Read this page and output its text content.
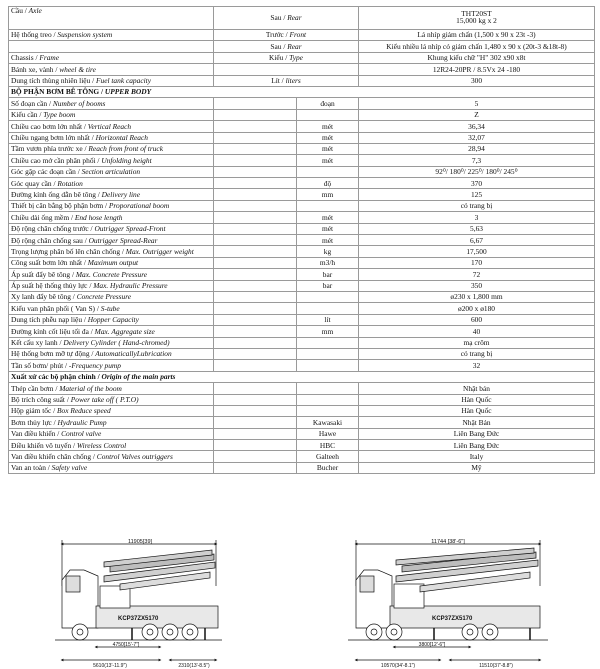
Cầu / Axle	Sau / Rear		THT20ST
			15,000 kg x 2
Hệ thống treo / Suspension system	Trước / Front		Lá nhíp giảm chấn (1,500 x 90 x 23t -3)
	Sau / Rear		Kiểu nhiều lá nhíp có giảm chấn 1,480 x 90 x (20t-3 &18t-8)
Chassis / Frame	Kiểu / Type		Khung kiểu chữ "H" 302 x90 x8t
Bánh xe, vành / wheel & tire			12R24-20PR / 8.5Vx 24 -180
Dung tích thùng nhiên liệu / Fuel tank capacity	Lít / liters		300
BỘ PHẬN BƠM BÊ TÔNG / UPPER BODY			
Số đoạn cần / Number of booms		đoạn	5
Kiểu cần / Type boom			Z
Chiều cao bơm lớn nhất / Vertical Reach		mét	36,34
Chiều ngang bơm lớn nhất / Horizontal Reach		mét	32,07
Tầm vươn phía trước xe / Reach from front of truck		mét	28,94
Chiều cao mở cần phân phối / Unfolding height		mét	7,3
Góc gập các đoạn cần / Section articulation			92⁰/ 180⁰/ 225⁰/ 180⁰/ 245⁰
Góc quay cần / Rotation		độ	370
Đường kính ống dẫn bê tông / Delivery line		mm	125
Thiết bị cân bằng bộ phận bơm / Proporational boom			có trang bị
Chiều dài ống mềm / End hose length		mét	3
Độ rộng chân chống trước / Outrigger Spread-Front		mét	5,63
Độ rộng chân chống sau / Outrigger Spread-Rear		mét	6,67
Trọng lượng phân bố lên chân chống / Max. Outrigger weight		kg	17,500
Công suất bơm lớn nhất / Maximum output		m3/h	170
Áp suất đẩy bê tông / Max. Concrete Pressure		bar	72
Áp suất hệ thống thủy lực / Max. Hydraulic Pressure		bar	350
Xy lanh đẩy bê tông / Concrete Pressure			ø230 x 1,800 mm
Kiểu van phân phối ( Van S) / S-tube			ø200 x ø180
Dung tích phễu nạp liệu / Hopper Capacity		lít	600
Đường kính cốt liệu tối đa / Max. Aggregate size		mm	40
Kết cấu xy lanh / Delivery Cylinder ( Hand-chromed)			mạ crôm
Hệ thống bơm mỡ tự động / AutomaticallyLubrication			có trang bị
Tần số bơm/ phút / -Frequency pump			32
Xuất xứ các bộ phận chính / Origin of the main parts			
Thép cần bơm / Material of the boom			Nhật bản
Bộ trích công suất / Power take off ( P.T.O)			Hàn Quốc
Hộp giảm tốc / Box Reduce speed			Hàn Quốc
Bơm thủy lực / Hydraulic Pump		Kawasaki	Nhật Bản
Van điều khiển / Control valve		Hawe	Liên Bang Đức
Điều khiển vô tuyến / Wireless Control		HBC	Liên Bang Đức
Van điều khiển chân chống / Control Valves outriggers		Galteeh	Italy
Van an toàn / Safety valve		Bucher	Mỹ
11905[39]
KCP37ZX5170
4750[15'-7"]
5610(13'-11.9")	2310(13'-8.5")
11744 [38'-6"]
KCP37ZX5170
3800[12'-6"]
10570(34'-8.1")	11510(37'-8.8")
